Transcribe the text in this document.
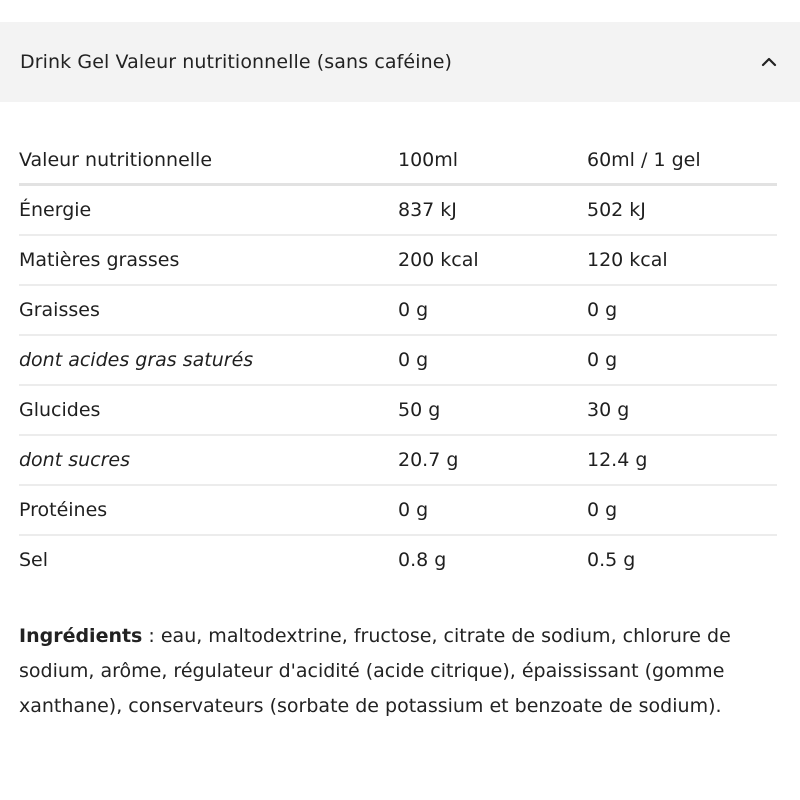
Drink Gel Valeur nutritionnelle (sans caféine)
Valeur nutritionnelle	100ml	60ml / 1 gel
Énergie	837 kJ	502 kJ
Matières grasses	200 kcal	120 kcal
Graisses	0 g	0 g
dont acides gras saturés	0 g	0 g
Glucides	50 g	30 g
dont sucres	20.7 g	12.4 g
Protéines	0 g	0 g
Sel	0.8 g	0.5 g
Ingrédients : eau, maltodextrine, fructose, citrate de sodium, chlorure de sodium, arôme, régulateur d'acidité (acide citrique), épaississant (gomme xanthane), conservateurs (sorbate de potassium et benzoate de sodium).
